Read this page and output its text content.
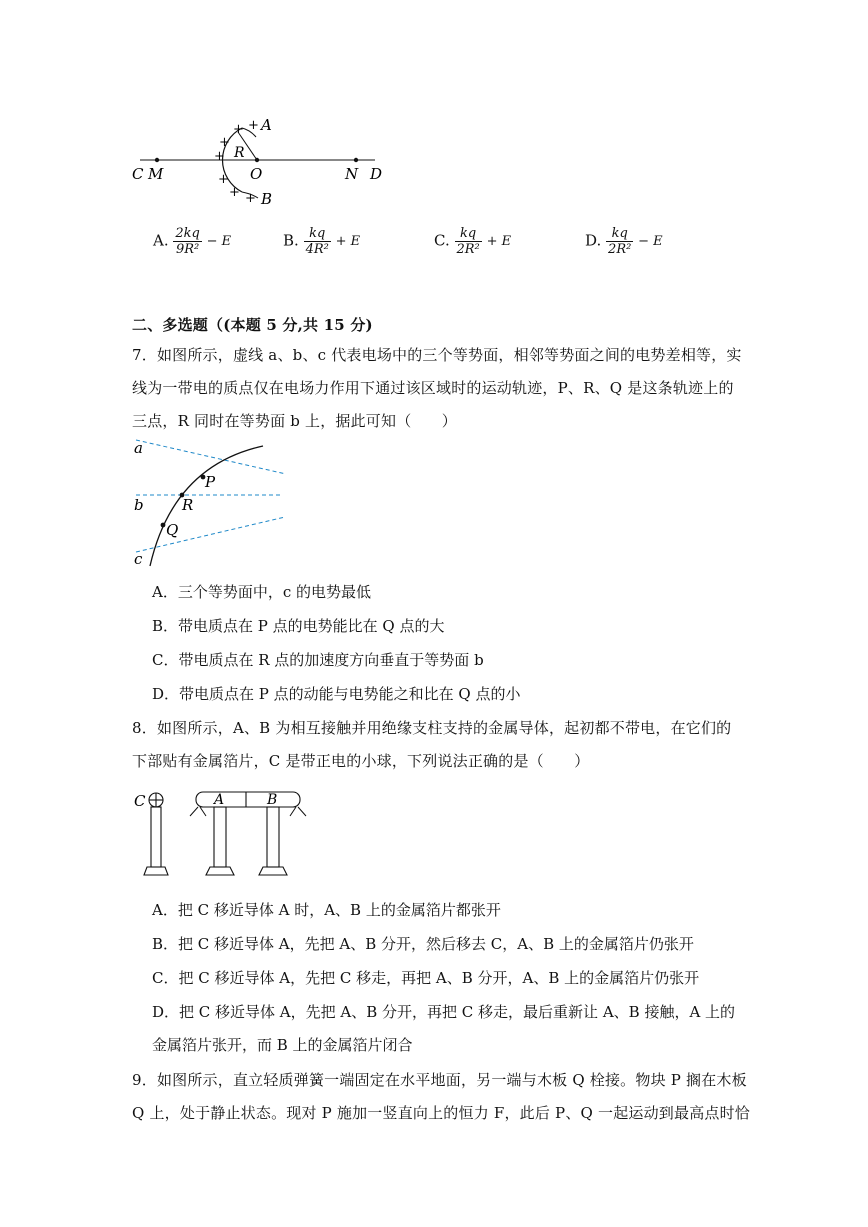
+
+
+
+
+
+ +
A
B
R
C M	O	N D
A. $\frac{2kq}{\text{9R²}} - E$	B. $\frac{kq}{\text{4R²}} + E$	C. $\frac{kq}{\text{2R²}} + E$	D. $\frac{kq}{\text{2R²}} - E$
二、多选题（(本题 5 分,共 15 分)
7．如图所示，虚线 a、b、c 代表电场中的三个等势面，相邻等势面之间的电势差相等，实
线为一带电的质点仅在电场力作用下通过该区域时的运动轨迹，P、R、Q 是这条轨迹上的
三点，R 同时在等势面 b 上，据此可知（　　）
a
b
c
P
R
Q
A．三个等势面中，c 的电势最低
B．带电质点在 P 点的电势能比在 Q 点的大
C．带电质点在 R 点的加速度方向垂直于等势面 b
D．带电质点在 P 点的动能与电势能之和比在 Q 点的小
8．如图所示，A、B 为相互接触并用绝缘支柱支持的金属导体，起初都不带电，在它们的
下部贴有金属箔片，C 是带正电的小球，下列说法正确的是（　　）
C	A	B
A．把 C 移近导体 A 时，A、B 上的金属箔片都张开
B．把 C 移近导体 A，先把 A、B 分开，然后移去 C，A、B 上的金属箔片仍张开
C．把 C 移近导体 A，先把 C 移走，再把 A、B 分开，A、B 上的金属箔片仍张开
D．把 C 移近导体 A，先把 A、B 分开，再把 C 移走，最后重新让 A、B 接触，A 上的
金属箔片张开，而 B 上的金属箔片闭合
9．如图所示，直立轻质弹簧一端固定在水平地面，另一端与木板 Q 栓接。物块 P 搁在木板
Q 上，处于静止状态。现对 P 施加一竖直向上的恒力 F，此后 P、Q 一起运动到最高点时恰
